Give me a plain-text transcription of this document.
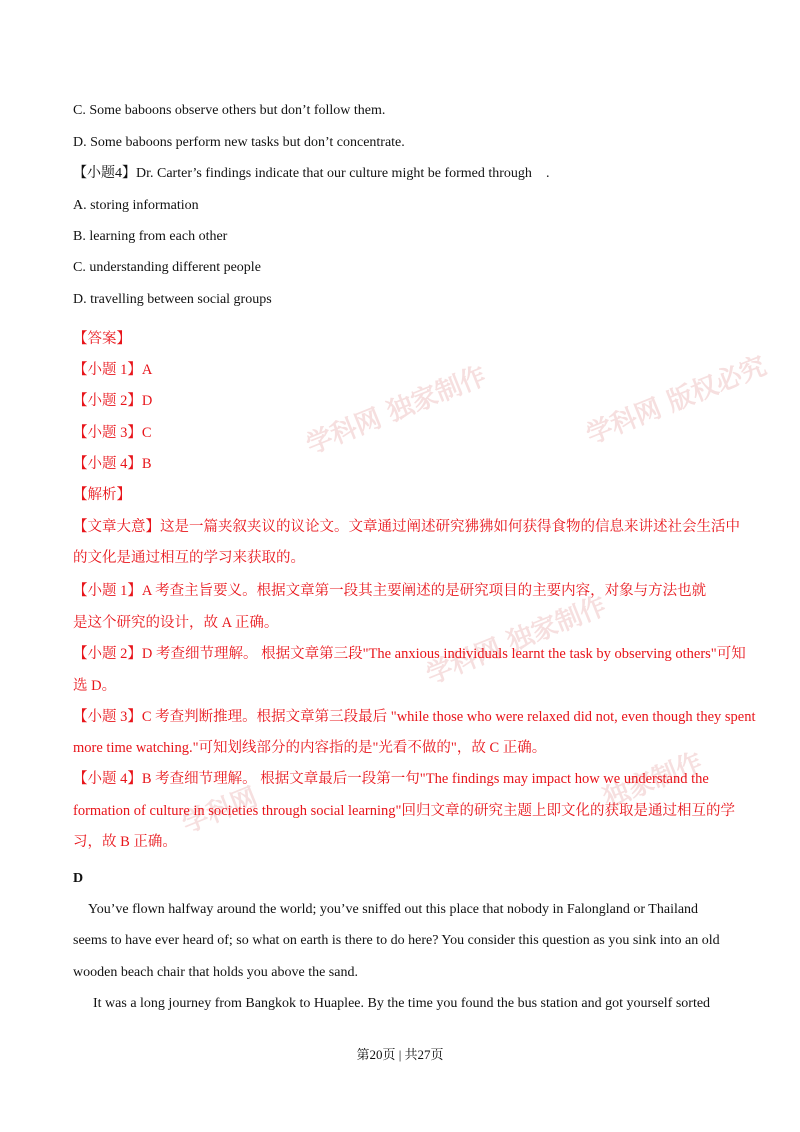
学科网 独家制作	学科网 版权必究
学科网 独家制作
独家制作
学科网
C. Some baboons observe others but don’t follow them.
D. Some baboons perform new tasks but don’t concentrate.
【小题4】Dr. Carter’s findings indicate that our culture might be formed through .
A. storing information
B. learning from each other
C. understanding different people
D. travelling between social groups
【答案】
【小题 1】A
【小题 2】D
【小题 3】C
【小题 4】B
【解析】
【文章大意】这是一篇夹叙夹议的议论文。文章通过阐述研究狒狒如何获得食物的信息来讲述社会生活中
的文化是通过相互的学习来获取的。
【小题 1】A 考查主旨要义。根据文章第一段其主要阐述的是研究项目的主要内容，对象与方法也就
是这个研究的设计，故 A 正确。
【小题 2】D 考查细节理解。 根据文章第三段"The anxious individuals learnt the task by observing others"可知
选 D。
【小题 3】C 考查判断推理。根据文章第三段最后 "while those who were relaxed did not, even though they spent
more time watching."可知划线部分的内容指的是"光看不做的"，故 C 正确。
【小题 4】B 考查细节理解。 根据文章最后一段第一句"The findings may impact how we understand the
formation of culture in societies through social learning"回归文章的研究主题上即文化的获取是通过相互的学
习，故 B 正确。
D
You’ve flown halfway around the world; you’ve sniffed out this place that nobody in Falongland or Thailand
seems to have ever heard of; so what on earth is there to do here? You consider this question as you sink into an old
wooden beach chair that holds you above the sand.
It was a long journey from Bangkok to Huaplee. By the time you found the bus station and got yourself sorted
第20页 | 共27页
